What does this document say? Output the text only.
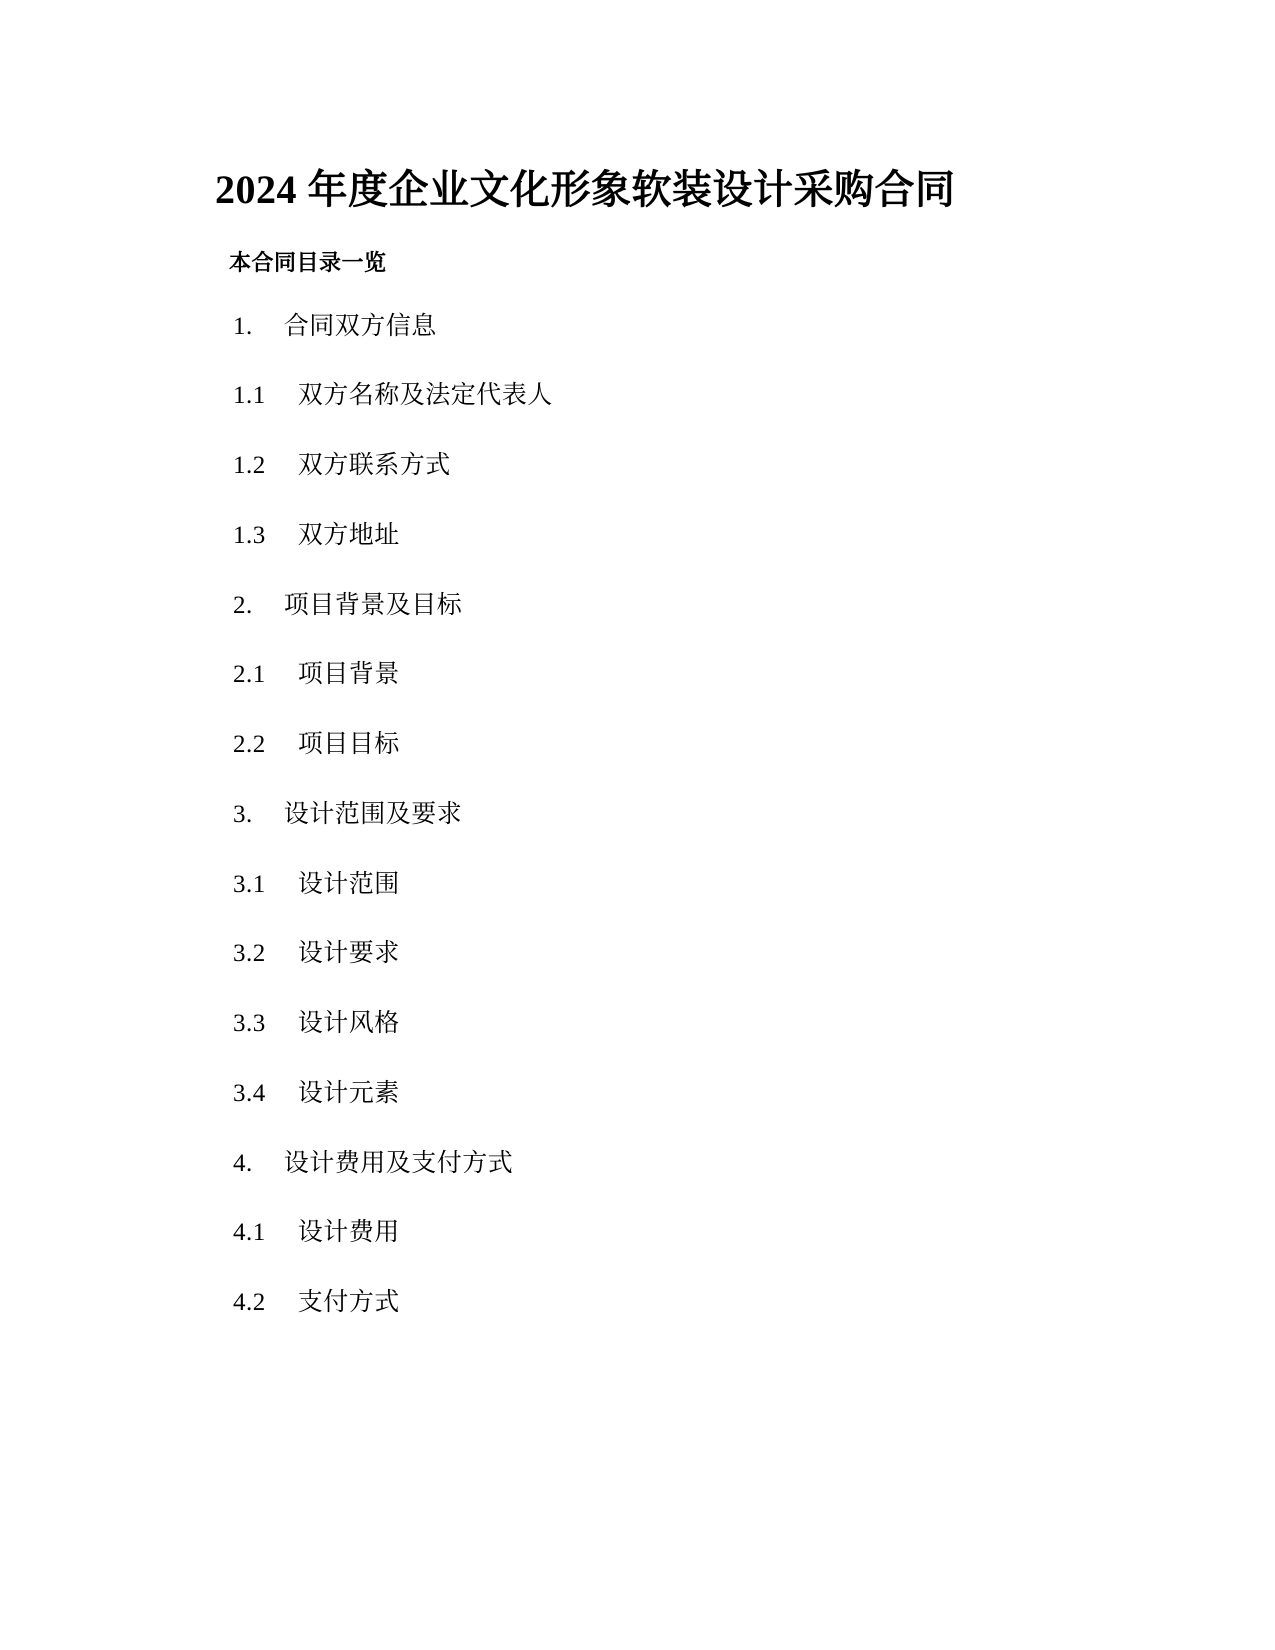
2024 年度企业文化形象软装设计采购合同
本合同目录一览
1. 合同双方信息
1.1 双方名称及法定代表人
1.2 双方联系方式
1.3 双方地址
2. 项目背景及目标
2.1 项目背景
2.2 项目目标
3. 设计范围及要求
3.1 设计范围
3.2 设计要求
3.3 设计风格
3.4 设计元素
4. 设计费用及支付方式
4.1 设计费用
4.2 支付方式
